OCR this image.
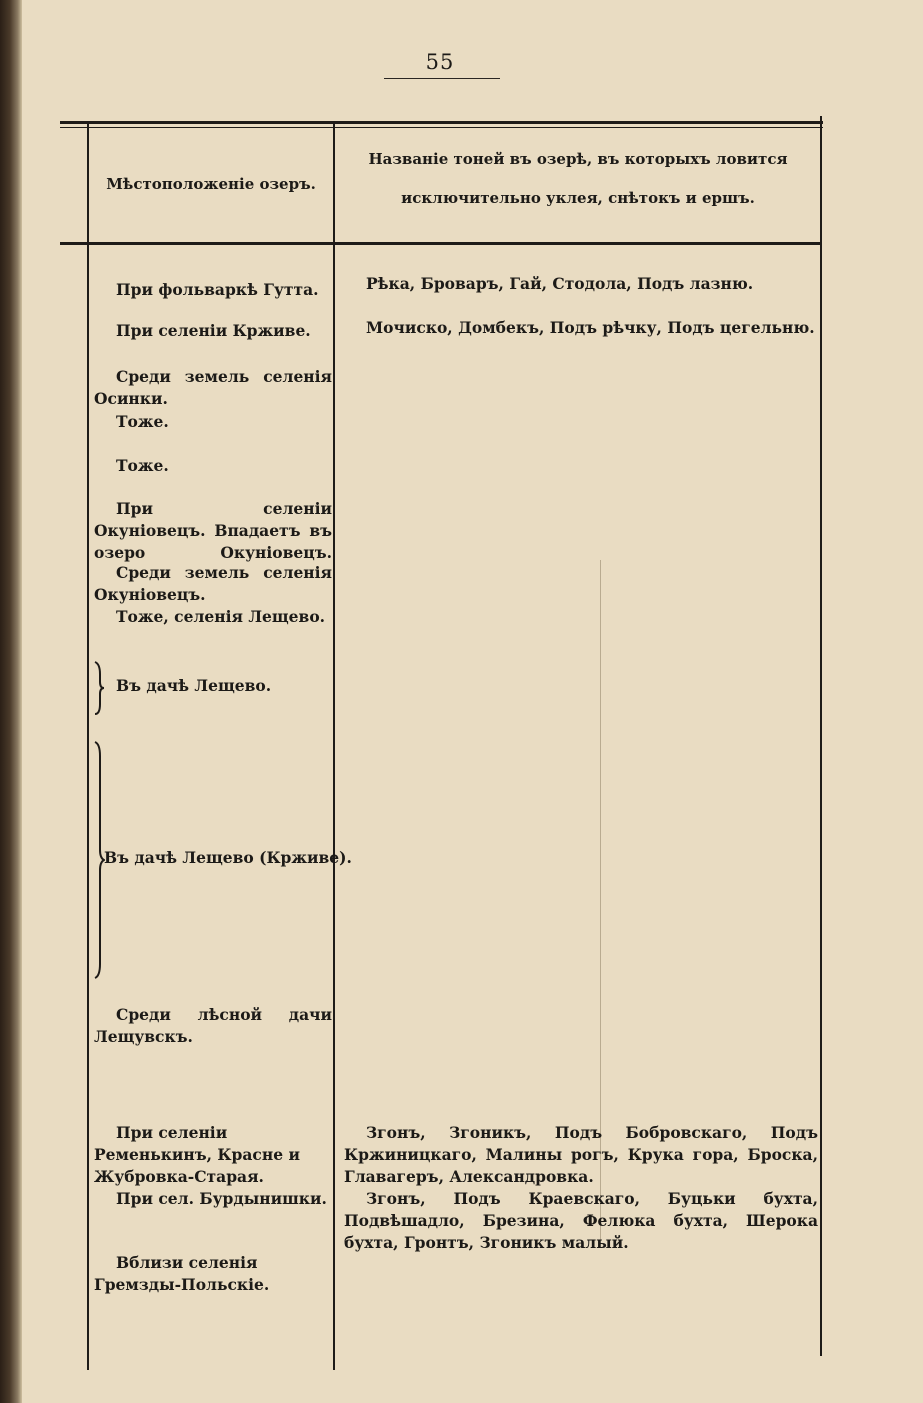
55
Мѣстоположеніе озеръ.
Названіе тоней въ озерѣ, въ которыхъ ловится
исключительно уклея, снѣтокъ и ершъ.
При фольваркѣ Гутта.
При селеніи Крживе.
Среди земель селенія Осинки.
Тоже.
Тоже.
При селеніи Окуніовецъ. Впадаетъ въ озеро Окуніовецъ.
Среди земель селенія Окуніовецъ.
Тоже, селенія Лещево.
Въ дачѣ Лещево.
Въ дачѣ Лещево (Крживе).
Среди лѣсной дачи Лещувскъ.
При селеніи Ременькинъ, Красне и Жубровка-Старая.
При сел. Бурдынишки.
Вблизи селенія Гремзды-Польскіе.
Рѣка, Броваръ, Гай, Стодола, Подъ лазню.
Мочиско, Домбекъ, Подъ рѣчку, Подъ цегельню.
Згонъ, Згоникъ, Подъ Бобровскаго, Подъ Кржиницкаго, Малины рогъ, Крука гора, Броска, Главагеръ, Александровка.
Згонъ, Подъ Краевскаго, Буцьки бухта, Подвѣшадло, Брезина, Фелюка бухта, Шерока бухта, Гронтъ, Згоникъ малый.
